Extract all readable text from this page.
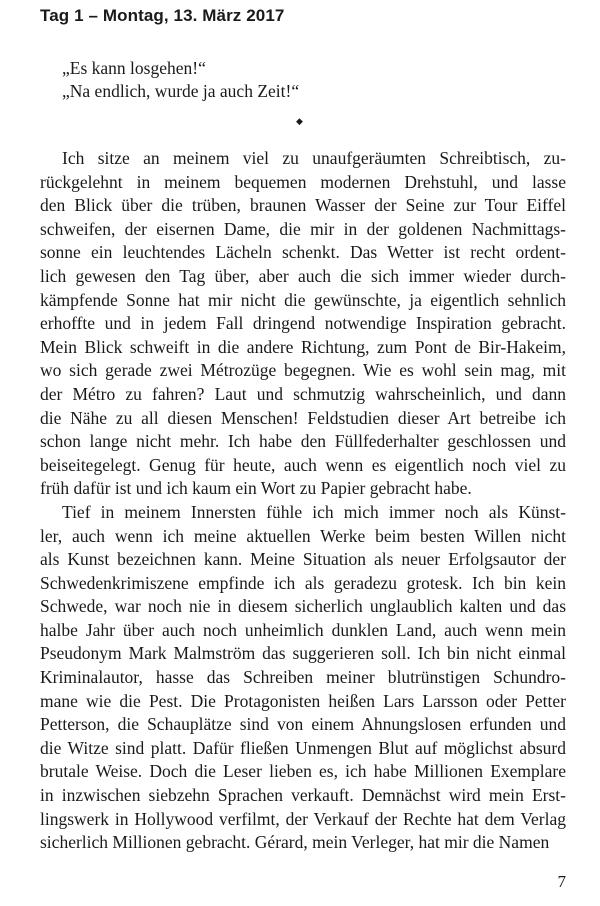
Tag 1 – Montag, 13. März 2017

„Es kann losgehen!“

„Na endlich, wurde ja auch Zeit!“

◆
Ich sitze an meinem viel zu unaufgeräumten Schreibtisch, zu-
rückgelehnt in meinem bequemen modernen Drehstuhl, und lasse
den Blick über die trüben, braunen Wasser der Seine zur Tour Eiffel
schweifen, der eisernen Dame, die mir in der goldenen Nachmittags-
sonne ein leuchtendes Lächeln schenkt. Das Wetter ist recht ordent-
lich gewesen den Tag über, aber auch die sich immer wieder durch-
kämpfende Sonne hat mir nicht die gewünschte, ja eigentlich sehnlich
erhoffte und in jedem Fall dringend notwendige Inspiration gebracht.
Mein Blick schweift in die andere Richtung, zum Pont de Bir-Hakeim,
wo sich gerade zwei Métrozüge begegnen. Wie es wohl sein mag, mit
der Métro zu fahren? Laut und schmutzig wahrscheinlich, und dann
die Nähe zu all diesen Menschen! Feldstudien dieser Art betreibe ich
schon lange nicht mehr. Ich habe den Füllfederhalter geschlossen und
beiseitegelegt. Genug für heute, auch wenn es eigentlich noch viel zu
früh dafür ist und ich kaum ein Wort zu Papier gebracht habe.
Tief in meinem Innersten fühle ich mich immer noch als Künst-
ler, auch wenn ich meine aktuellen Werke beim besten Willen nicht
als Kunst bezeichnen kann. Meine Situation als neuer Erfolgsautor der
Schwedenkrimiszene empfinde ich als geradezu grotesk. Ich bin kein
Schwede, war noch nie in diesem sicherlich unglaublich kalten und das
halbe Jahr über auch noch unheimlich dunklen Land, auch wenn mein
Pseudonym Mark Malmström das suggerieren soll. Ich bin nicht einmal
Kriminalautor, hasse das Schreiben meiner blutrünstigen Schundro-
mane wie die Pest. Die Protagonisten heißen Lars Larsson oder Petter
Petterson, die Schauplätze sind von einem Ahnungslosen erfunden und
die Witze sind platt. Dafür fließen Unmengen Blut auf möglichst absurd
brutale Weise. Doch die Leser lieben es, ich habe Millionen Exemplare
in inzwischen siebzehn Sprachen verkauft. Demnächst wird mein Erst-
lingswerk in Hollywood verfilmt, der Verkauf der Rechte hat dem Verlag
sicherlich Millionen gebracht. Gérard, mein Verleger, hat mir die Namen
7
